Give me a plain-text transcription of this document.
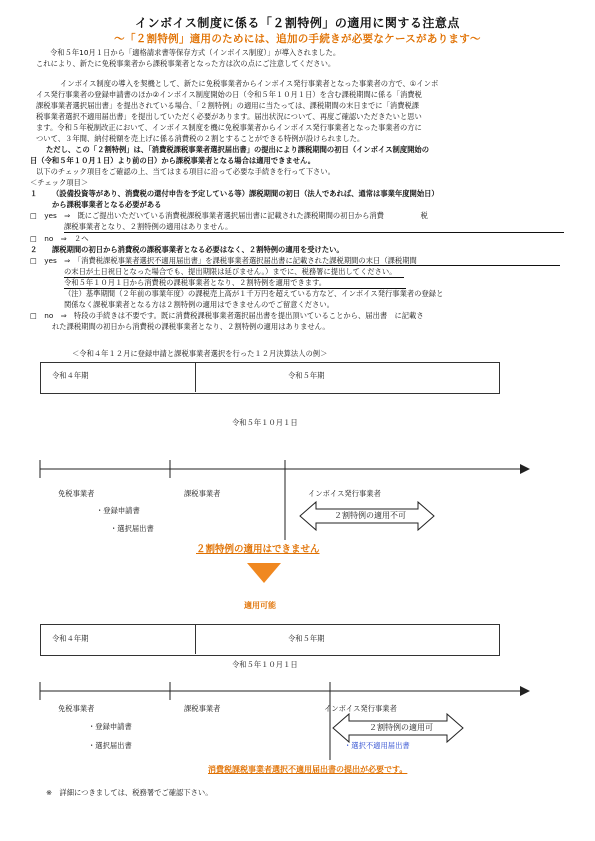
インボイス制度に係る「２割特例」の適用に関する注意点
～「２割特例」適用のためには、追加の手続きが必要なケースがあります～
令和５年10月１日から「適格請求書等保存方式（インボイス制度）」が導入されました。
これにより、新たに免税事業者から課税事業者となった方は次の点にご注意してください。
インボイス制度の導入を契機として、新たに免税事業者からインボイス発行事業者となった事業者の方で、①インボ
イス発行事業者の登録申請書のほか②インボイス制度開始の日（令和５年１０月１日）を含む課税期間に係る「消費税
課税事業者選択届出書」を提出されている場合、「２割特例」の適用に当たっては、課税期間の末日までに「消費税課
税事業者選択不適用届出書」を提出していただく必要があります。届出状況について、再度ご確認いただきたいと思い
ます。令和５年税制改正において、インボイス制度を機に免税事業者からインボイス発行事業者となった事業者の方に
ついて、３年間、納付税額を売上げに係る消費税の２割とすることができる特例が設けられました。
ただし、この「２割特例」は、「消費税課税事業者選択届出書」の提出により課税期間の初日（インボイス制度開始の
日（令和５年１０月１日）より前の日）から課税事業者となる場合は適用できません。
以下のチェック項目をご確認の上、当てはまる項目に沿って必要な手続きを行って下さい。
＜チェック項目＞
１ （設備投資等があり、消費税の還付申告を予定している等）課税期間の初日（法人であれば、通常は事業年度開始日）
から課税事業者となる必要がある
□　yes　⇒　既にご提出いただいている消費税課税事業者選択届出書に記載された課税期間の初日から消費　　　　　税
課税事業者となり、２割特例の適用はありません。
□　no　⇒　２へ
２ 課税期間の初日から消費税の課税事業者となる必要はなく、２割特例の適用を受けたい。
□　yes　⇒　「消費税課税事業者選択不適用届出書」を課税事業者選択届出書に記載された課税期間の末日（課税期間
の末日が土日祝日となった場合でも、提出期限は延びません。）までに、税務署に提出してください。
令和５年１０月１日から消費税の課税事業者となり、２割特例を適用できます。
（注）基準期間（２年前の事業年度）の課税売上高が１千万円を超えている方など、インボイス発行事業者の登録と
関係なく課税事業者となる方は２割特例の適用はできませんのでご留意ください。
□　no　⇒　特段の手続きは不要です。既に消費税課税事業者選択届出書を提出頂いていることから、届出書　に記載さ
れた課税期間の初日から消費税の課税事業者となり、２割特例の適用はありません。
＜令和４年１２月に登録申請と課税事業者選択を行った１２月決算法人の例＞
令和４年期	令和５年期
令和５年１０月１日
免税事業者	課税事業者	インボイス発行事業者
・登録申請書
・選択届出書
２割特例の適用不可
２割特例の適用はできません
適用可能
令和４年期	令和５年期
令和５年１０月１日
免税事業者	課税事業者	インボイス発行事業者
・登録申請書
・選択届出書	・選択不適用届出書
２割特例の適用可
消費税課税事業者選択不適用届出書の提出が必要です。
※　詳細につきましては、税務署でご確認下さい。
